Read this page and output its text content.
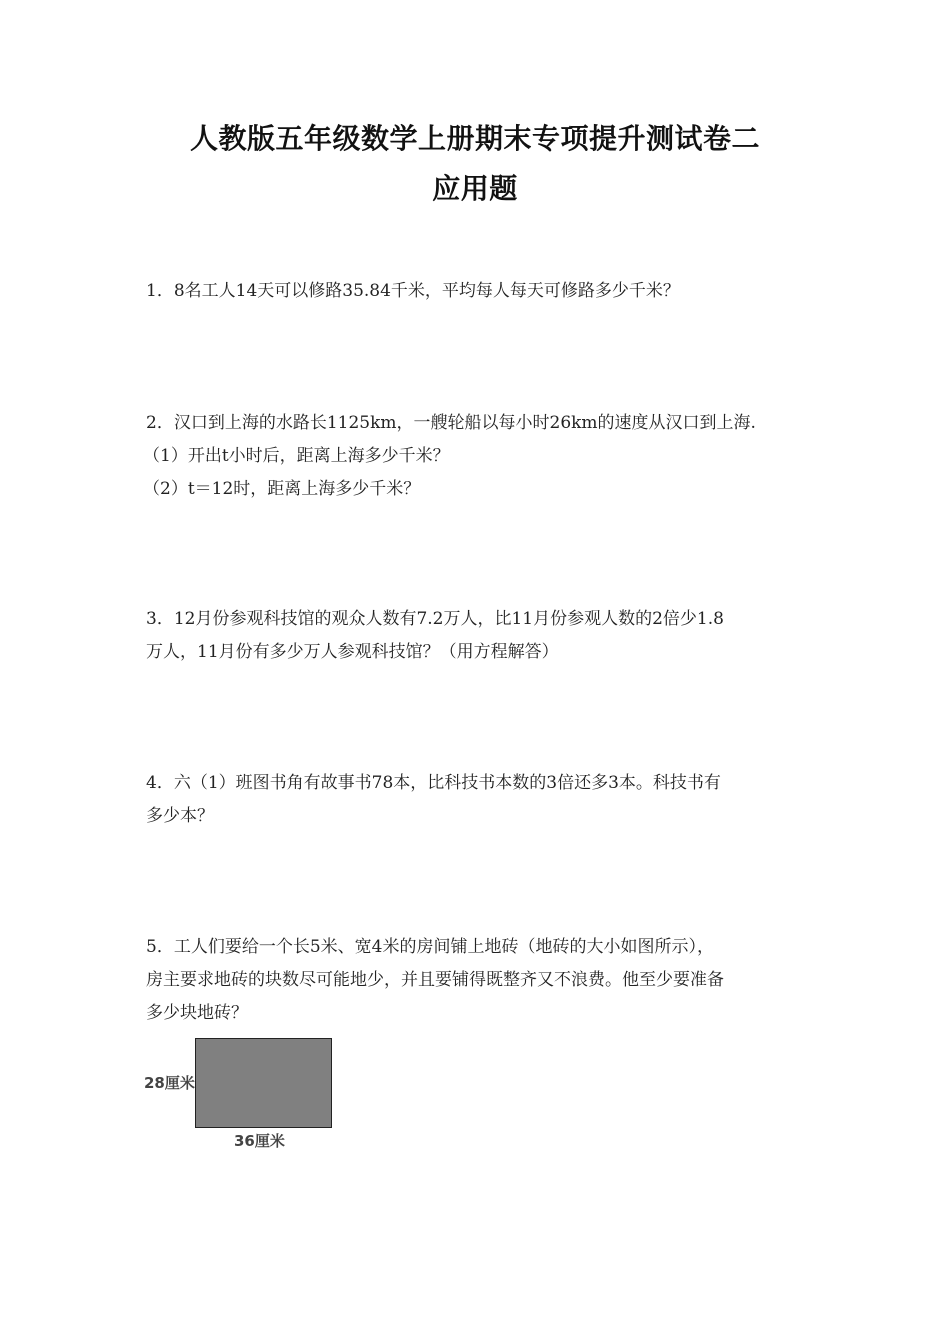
人教版五年级数学上册期末专项提升测试卷二
应用题
1．8名工人14天可以修路35.84千米，平均每人每天可修路多少千米？
2．汉口到上海的水路长1125km，一艘轮船以每小时26km的速度从汉口到上海.
（1）开出t小时后，距离上海多少千米？
（2）t＝12时，距离上海多少千米？
3．12月份参观科技馆的观众人数有7.2万人，比11月份参观人数的2倍少1.8
万人，11月份有多少万人参观科技馆？（用方程解答）
4．六（1）班图书角有故事书78本，比科技书本数的3倍还多3本。科技书有
多少本？
5．工人们要给一个长5米、宽4米的房间铺上地砖（地砖的大小如图所示），
房主要求地砖的块数尽可能地少，并且要铺得既整齐又不浪费。他至少要准备
多少块地砖？
28厘米
36厘米
